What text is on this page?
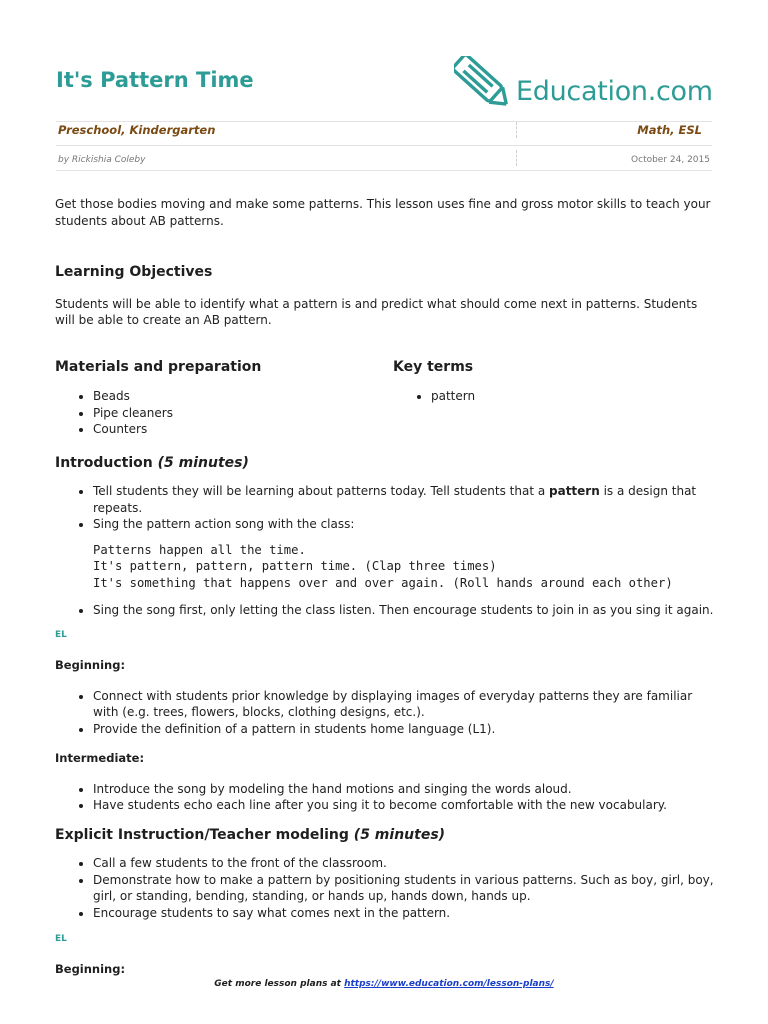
It's Pattern Time	Education.com
Preschool, Kindergarten	Math, ESL
by Rickishia Coleby	October 24, 2015

Get those bodies moving and make some patterns. This lesson uses fine and gross motor skills to teach your students about AB patterns.

Learning Objectives

Students will be able to identify what a pattern is and predict what should come next in patterns. Students will be able to create an AB pattern.

Materials and preparation
• Beads
• Pipe cleaners
• Counters
Key terms
• pattern
Introduction (5 minutes)
• Tell students they will be learning about patterns today. Tell students that a pattern is a design that repeats.
• Sing the pattern action song with the class:
Patterns happen all the time.
It's pattern, pattern, pattern time. (Clap three times)
It's something that happens over and over again. (Roll hands around each other)
• Sing the song first, only letting the class listen. Then encourage students to join in as you sing it again.
EL
Beginning:
• Connect with students prior knowledge by displaying images of everyday patterns they are familiar with (e.g. trees, flowers, blocks, clothing designs, etc.).
• Provide the definition of a pattern in students home language (L1).
Intermediate:
• Introduce the song by modeling the hand motions and singing the words aloud.
• Have students echo each line after you sing it to become comfortable with the new vocabulary.
Explicit Instruction/Teacher modeling (5 minutes)
• Call a few students to the front of the classroom.
• Demonstrate how to make a pattern by positioning students in various patterns. Such as boy, girl, boy, girl, or standing, bending, standing, or hands up, hands down, hands up.
• Encourage students to say what comes next in the pattern.
EL
Beginning:
Get more lesson plans at https://www.education.com/lesson-plans/
